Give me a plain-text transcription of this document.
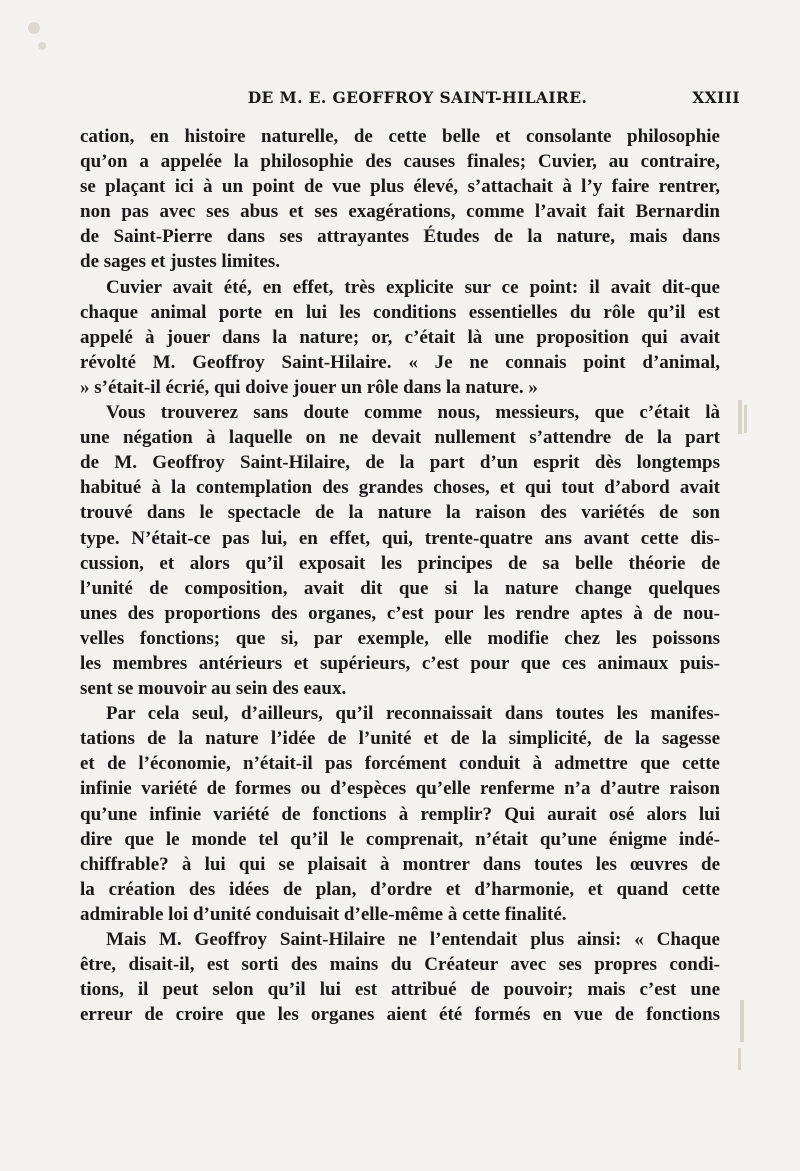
DE M. E. GEOFFROY SAINT-HILAIRE.	XXIII
cation, en histoire naturelle, de cette belle et consolante philosophie
qu’on a appelée la philosophie des causes finales; Cuvier, au contraire,
se plaçant ici à un point de vue plus élevé, s’attachait à l’y faire rentrer,
non pas avec ses abus et ses exagérations, comme l’avait fait Bernardin
de Saint-Pierre dans ses attrayantes Études de la nature, mais dans
de sages et justes limites.
Cuvier avait été, en effet, très explicite sur ce point: il avait dit-que
chaque animal porte en lui les conditions essentielles du rôle qu’il est
appelé à jouer dans la nature; or, c’était là une proposition qui avait
révolté M. Geoffroy Saint-Hilaire. « Je ne connais point d’animal,
» s’était-il écrié, qui doive jouer un rôle dans la nature. »
Vous trouverez sans doute comme nous, messieurs, que c’était là
une négation à laquelle on ne devait nullement s’attendre de la part
de M. Geoffroy Saint-Hilaire, de la part d’un esprit dès longtemps
habitué à la contemplation des grandes choses, et qui tout d’abord avait
trouvé dans le spectacle de la nature la raison des variétés de son
type. N’était-ce pas lui, en effet, qui, trente-quatre ans avant cette dis-
cussion, et alors qu’il exposait les principes de sa belle théorie de
l’unité de composition, avait dit que si la nature change quelques
unes des proportions des organes, c’est pour les rendre aptes à de nou-
velles fonctions; que si, par exemple, elle modifie chez les poissons
les membres antérieurs et supérieurs, c’est pour que ces animaux puis-
sent se mouvoir au sein des eaux.
Par cela seul, d’ailleurs, qu’il reconnaissait dans toutes les manifes-
tations de la nature l’idée de l’unité et de la simplicité, de la sagesse
et de l’économie, n’était-il pas forcément conduit à admettre que cette
infinie variété de formes ou d’espèces qu’elle renferme n’a d’autre raison
qu’une infinie variété de fonctions à remplir? Qui aurait osé alors lui
dire que le monde tel qu’il le comprenait, n’était qu’une énigme indé-
chiffrable? à lui qui se plaisait à montrer dans toutes les œuvres de
la création des idées de plan, d’ordre et d’harmonie, et quand cette
admirable loi d’unité conduisait d’elle-même à cette finalité.
Mais M. Geoffroy Saint-Hilaire ne l’entendait plus ainsi: « Chaque
être, disait-il, est sorti des mains du Créateur avec ses propres condi-
tions, il peut selon qu’il lui est attribué de pouvoir; mais c’est une
erreur de croire que les organes aient été formés en vue de fonctions
